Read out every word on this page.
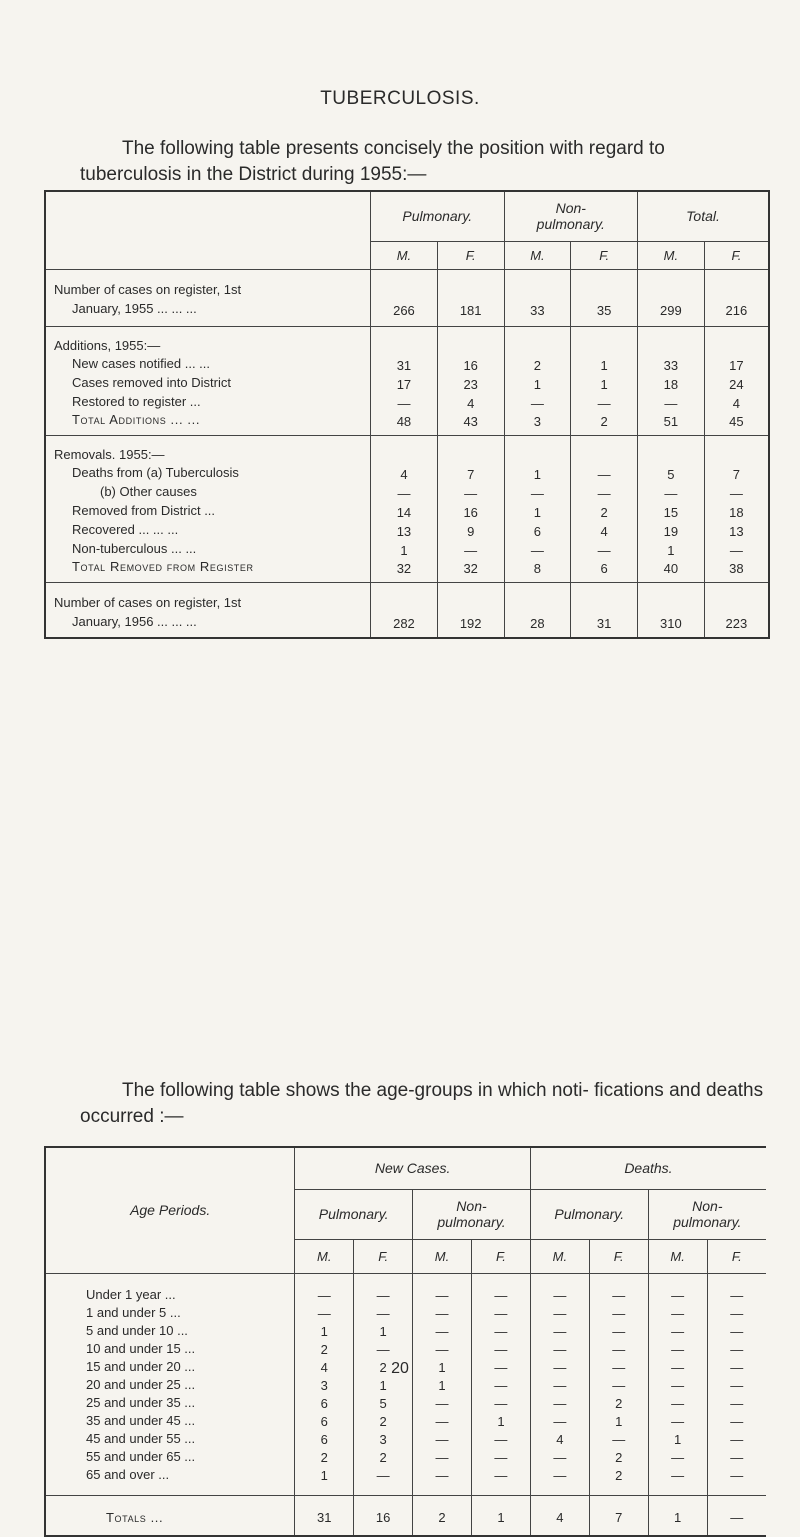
TUBERCULOSIS.
The following table presents concisely the position with regard to tuberculosis in the District during 1955:—
	Pulmonary.		Non- pulmonary.		Total.	
	M.	F.	M.	F.	M.	F.

Number of cases on register, 1st
January, 1955 ... ... ...	266	181	33	35	299	216

Additions, 1955:—						

New cases notified ... ...	31	16	2	1	33	17

Cases removed into District	17	23	1	1	18	24

Restored to register ...	—	4	—	—	—	4

Total Additions ... ...	48	43	3	2	51	45

Removals. 1955:—						

Deaths from (a) Tuberculosis	4	7	1	—	5	7

(b) Other causes	—	—	—	—	—	—

Removed from District ...	14	16	1	2	15	18

Recovered ... ... ...	13	9	6	4	19	13

Non-tuberculous ... ...	1	—	—	—	1	—

Total Removed from Register	32	32	8	6	40	38

Number of cases on register, 1st
January, 1956 ... ... ...	282	192	28	31	310	223
The following table shows the age-groups in which noti- fications and deaths occurred :—
Age Periods.	New Cases.				Deaths.			
	Pulmonary.		Non- pulmonary.		Pulmonary.		Non- pulmonary.	
	M.	F.	M.	F.	M.	F.	M.	F.
Under 1 year ...	—	—	—	—	—	—	—	—
1 and under 5 ...	—	—	—	—	—	—	—	—
5 and under 10 ...	1	1	—	—	—	—	—	—
10 and under 15 ...	2	—	—	—	—	—	—	—
15 and under 20 ...	4	2	1	—	—	—	—	—
20 and under 25 ...	3	1	1	—	—	—	—	—
25 and under 35 ...	6	5	—	—	—	2	—	—
35 and under 45 ...	6	2	—	1	—	1	—	—
45 and under 55 ...	6	3	—	—	4	—	1	—
55 and under 65 ...	2	2	—	—	—	2	—	—
65 and over ...	1	—	—	—	—	2	—	—

Totals ...	31	16	2	1	4	7	1	—
20
